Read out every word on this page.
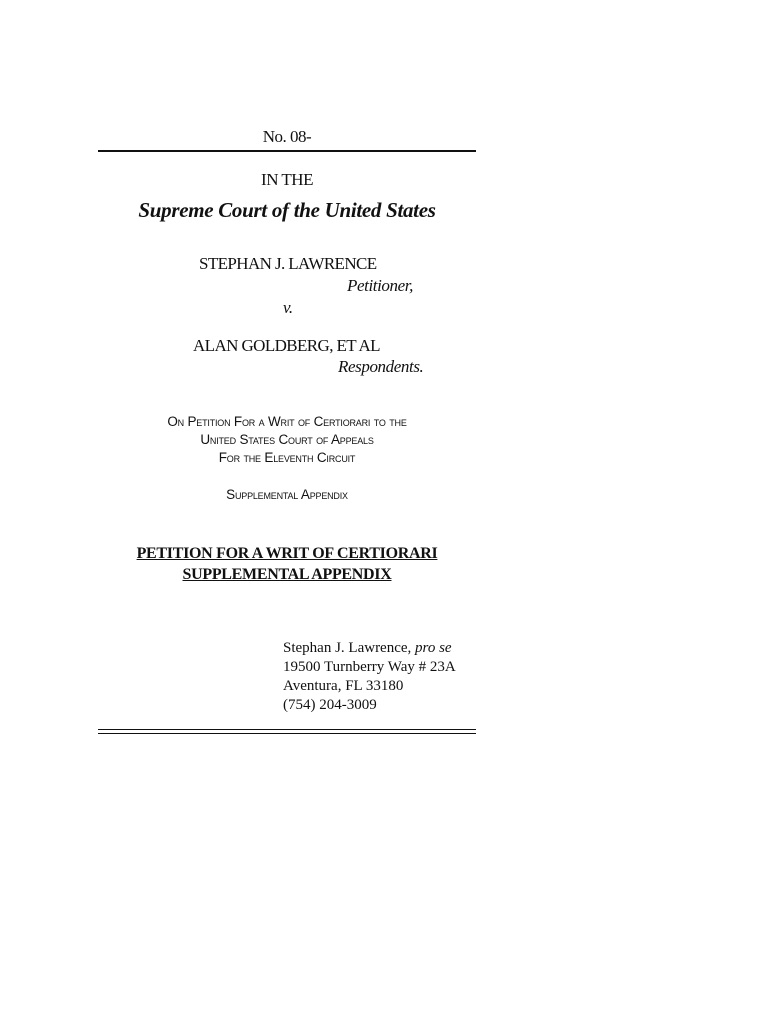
No. 08-
IN THE
Supreme Court of the United States
STEPHAN J. LAWRENCE
Petitioner,
v.
ALAN GOLDBERG, ET AL
Respondents.
On Petition For a Writ of Certiorari to the
United States Court of Appeals
For the Eleventh Circuit
Supplemental Appendix
PETITION FOR A WRIT OF CERTIORARI
SUPPLEMENTAL APPENDIX
Stephan J. Lawrence, pro se
19500 Turnberry Way # 23A
Aventura, FL 33180
(754) 204-3009
